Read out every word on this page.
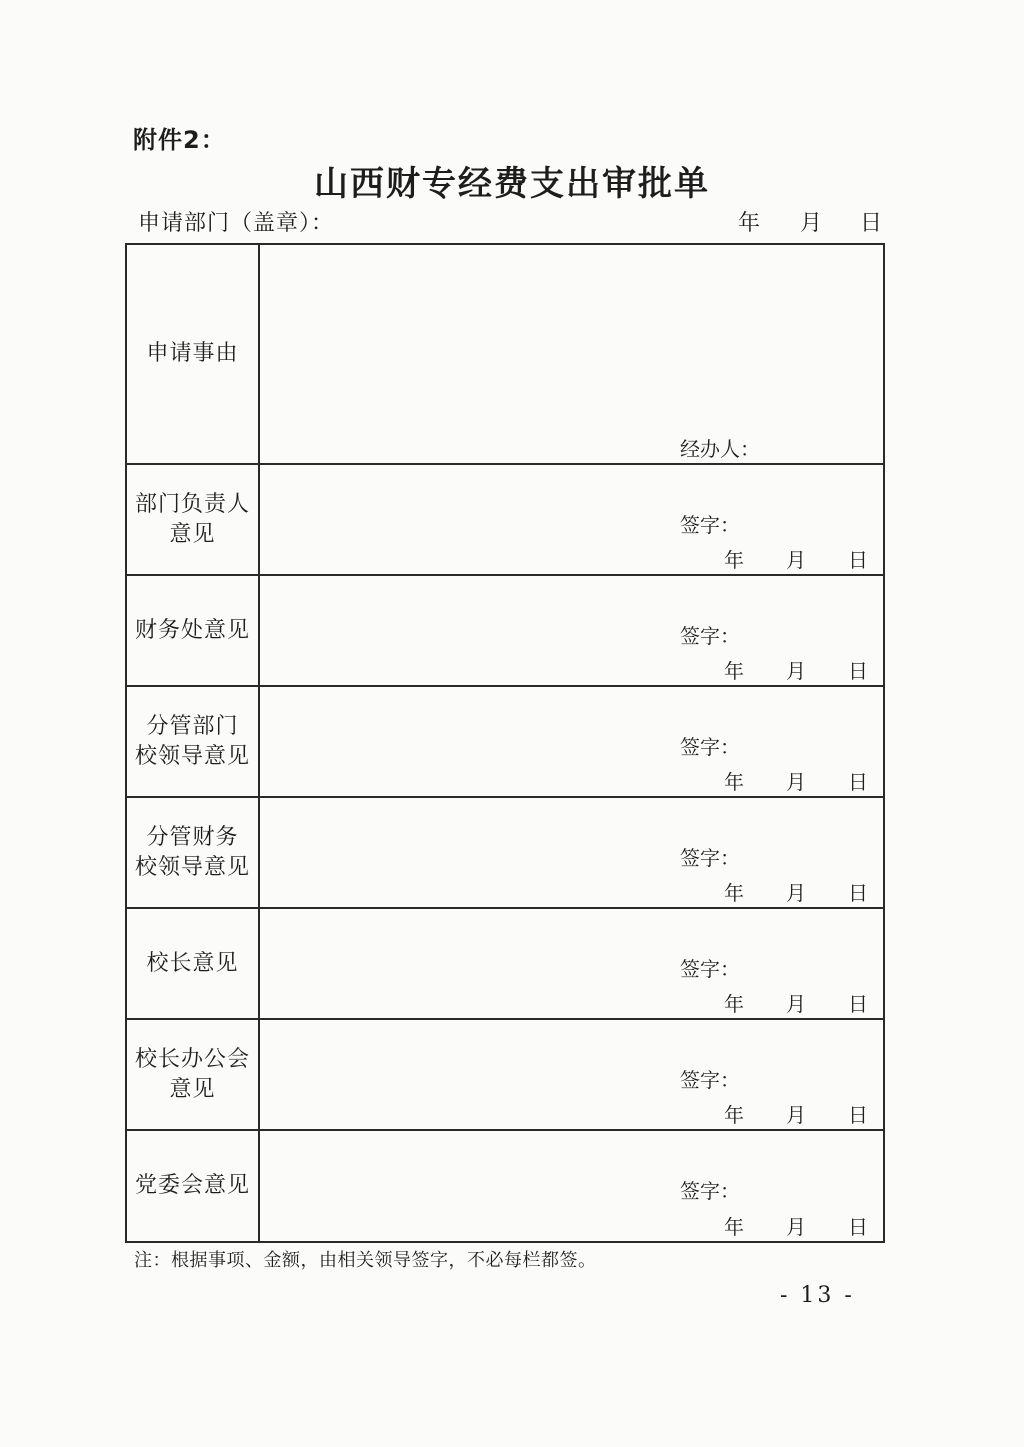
附件2：
山西财专经费支出审批单
申请部门（盖章）：	年 月 日
申请事由	经办人：

部门负责人
意见	签字：
年 月 日

财务处意见	签字：
年 月 日

分管部门
校领导意见	签字：
年 月 日

分管财务
校领导意见	签字：
年 月 日

校长意见	签字：
年 月 日

校长办公会
意见	签字：
年 月 日

党委会意见	签字：
年 月 日
注：根据事项、金额，由相关领导签字，不必每栏都签。
- 13 -
